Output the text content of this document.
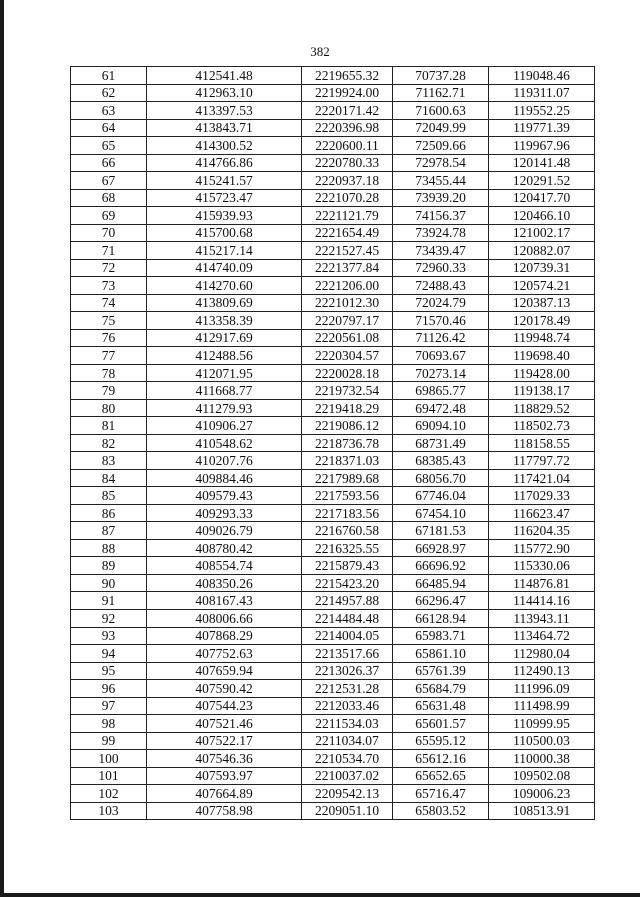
382
61	412541.48	2219655.32	70737.28	119048.46
62	412963.10	2219924.00	71162.71	119311.07
63	413397.53	2220171.42	71600.63	119552.25
64	413843.71	2220396.98	72049.99	119771.39
65	414300.52	2220600.11	72509.66	119967.96
66	414766.86	2220780.33	72978.54	120141.48
67	415241.57	2220937.18	73455.44	120291.52
68	415723.47	2221070.28	73939.20	120417.70
69	415939.93	2221121.79	74156.37	120466.10
70	415700.68	2221654.49	73924.78	121002.17
71	415217.14	2221527.45	73439.47	120882.07
72	414740.09	2221377.84	72960.33	120739.31
73	414270.60	2221206.00	72488.43	120574.21
74	413809.69	2221012.30	72024.79	120387.13
75	413358.39	2220797.17	71570.46	120178.49
76	412917.69	2220561.08	71126.42	119948.74
77	412488.56	2220304.57	70693.67	119698.40
78	412071.95	2220028.18	70273.14	119428.00
79	411668.77	2219732.54	69865.77	119138.17
80	411279.93	2219418.29	69472.48	118829.52
81	410906.27	2219086.12	69094.10	118502.73
82	410548.62	2218736.78	68731.49	118158.55
83	410207.76	2218371.03	68385.43	117797.72
84	409884.46	2217989.68	68056.70	117421.04
85	409579.43	2217593.56	67746.04	117029.33
86	409293.33	2217183.56	67454.10	116623.47
87	409026.79	2216760.58	67181.53	116204.35
88	408780.42	2216325.55	66928.97	115772.90
89	408554.74	2215879.43	66696.92	115330.06
90	408350.26	2215423.20	66485.94	114876.81
91	408167.43	2214957.88	66296.47	114414.16
92	408006.66	2214484.48	66128.94	113943.11
93	407868.29	2214004.05	65983.71	113464.72
94	407752.63	2213517.66	65861.10	112980.04
95	407659.94	2213026.37	65761.39	112490.13
96	407590.42	2212531.28	65684.79	111996.09
97	407544.23	2212033.46	65631.48	111498.99
98	407521.46	2211534.03	65601.57	110999.95
99	407522.17	2211034.07	65595.12	110500.03
100	407546.36	2210534.70	65612.16	110000.38
101	407593.97	2210037.02	65652.65	109502.08
102	407664.89	2209542.13	65716.47	109006.23
103	407758.98	2209051.10	65803.52	108513.91
